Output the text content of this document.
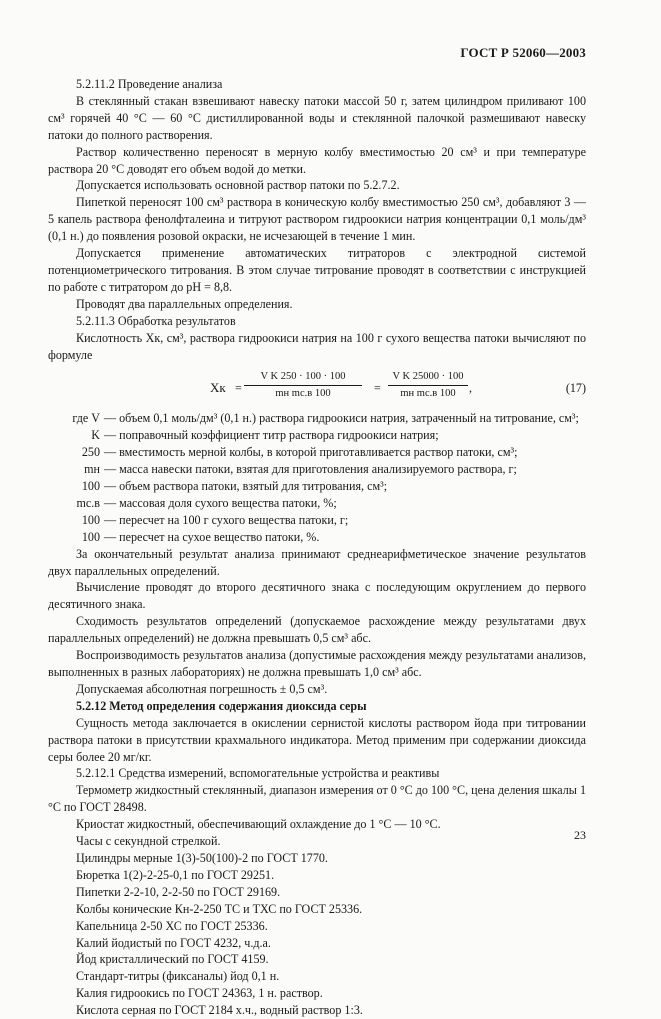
ГОСТ Р 52060—2003

5.2.11.2 Проведение анализа

В стеклянный стакан взвешивают навеску патоки массой 50 г, затем цилиндром приливают 100 см³ горячей 40 °С — 60 °С дистиллированной воды и стеклянной палочкой размешивают навеску патоки до полного растворения.

Раствор количественно переносят в мерную колбу вместимостью 20 см³ и при температуре раствора 20 °С доводят его объем водой до метки.

Допускается использовать основной раствор патоки по 5.2.7.2.

Пипеткой переносят 100 см³ раствора в коническую колбу вместимостью 250 см³, добавляют 3 — 5 капель раствора фенолфталеина и титруют раствором гидроокиси натрия концентрации 0,1 моль/дм³ (0,1 н.) до появления розовой окраски, не исчезающей в течение 1 мин.

Допускается применение автоматических титраторов с электродной системой потенциометрического титрования. В этом случае титрование проводят в соответствии с инструкцией по работе с титратором до pH = 8,8.

Проводят два параллельных определения.

5.2.11.3 Обработка результатов

Кислотность Xк, см³, раствора гидроокиси натрия на 100 г сухого вещества патоки вычисляют по формуле

Xк =
V K 250 · 100 · 100
mн mс.в 100	=
V K 25000 · 100
mн mс.в 100	,	(17)
где V — объем 0,1 моль/дм³ (0,1 н.) раствора гидроокиси натрия, затраченный на титрование, см³;
K — поправочный коэффициент титр раствора гидроокиси натрия;
250 — вместимость мерной колбы, в которой приготавливается раствор патоки, см³;
mн — масса навески патоки, взятая для приготовления анализируемого раствора, г;
100 — объем раствора патоки, взятый для титрования, см³;
mс.в — массовая доля сухого вещества патоки, %;
100 — пересчет на 100 г сухого вещества патоки, г;
100 — пересчет на сухое вещество патоки, %.

За окончательный результат анализа принимают среднеарифметическое значение результатов двух параллельных определений.

Вычисление проводят до второго десятичного знака с последующим округлением до первого десятичного знака.

Сходимость результатов определений (допускаемое расхождение между результатами двух параллельных определений) не должна превышать 0,5 см³ абс.

Воспроизводимость результатов анализа (допустимые расхождения между результатами анализов, выполненных в разных лабораториях) не должна превышать 1,0 см³ абс.

Допускаемая абсолютная погрешность ± 0,5 см³.

5.2.12 Метод определения содержания диоксида серы

Сущность метода заключается в окислении сернистой кислоты раствором йода при титровании раствора патоки в присутствии крахмального индикатора. Метод применим при содержании диоксида серы более 20 мг/кг.

5.2.12.1 Средства измерений, вспомогательные устройства и реактивы

Термометр жидкостный стеклянный, диапазон измерения от 0 °С до 100 °С, цена деления шкалы 1 °С по ГОСТ 28498.

Криостат жидкостный, обеспечивающий охлаждение до 1 °С — 10 °С.

Часы с секундной стрелкой.

Цилиндры мерные 1(3)-50(100)-2 по ГОСТ 1770.

Бюретка 1(2)-2-25-0,1 по ГОСТ 29251.

Пипетки 2-2-10, 2-2-50 по ГОСТ 29169.

Колбы конические Кн-2-250 ТС и ТХС по ГОСТ 25336.

Капельница 2-50 ХС по ГОСТ 25336.

Калий йодистый по ГОСТ 4232, ч.д.а.

Йод кристаллический по ГОСТ 4159.

Стандарт-титры (фиксаналы) йод 0,1 н.

Калия гидроокись по ГОСТ 24363, 1 н. раствор.

Кислота серная по ГОСТ 2184 х.ч., водный раствор 1:3.

23
